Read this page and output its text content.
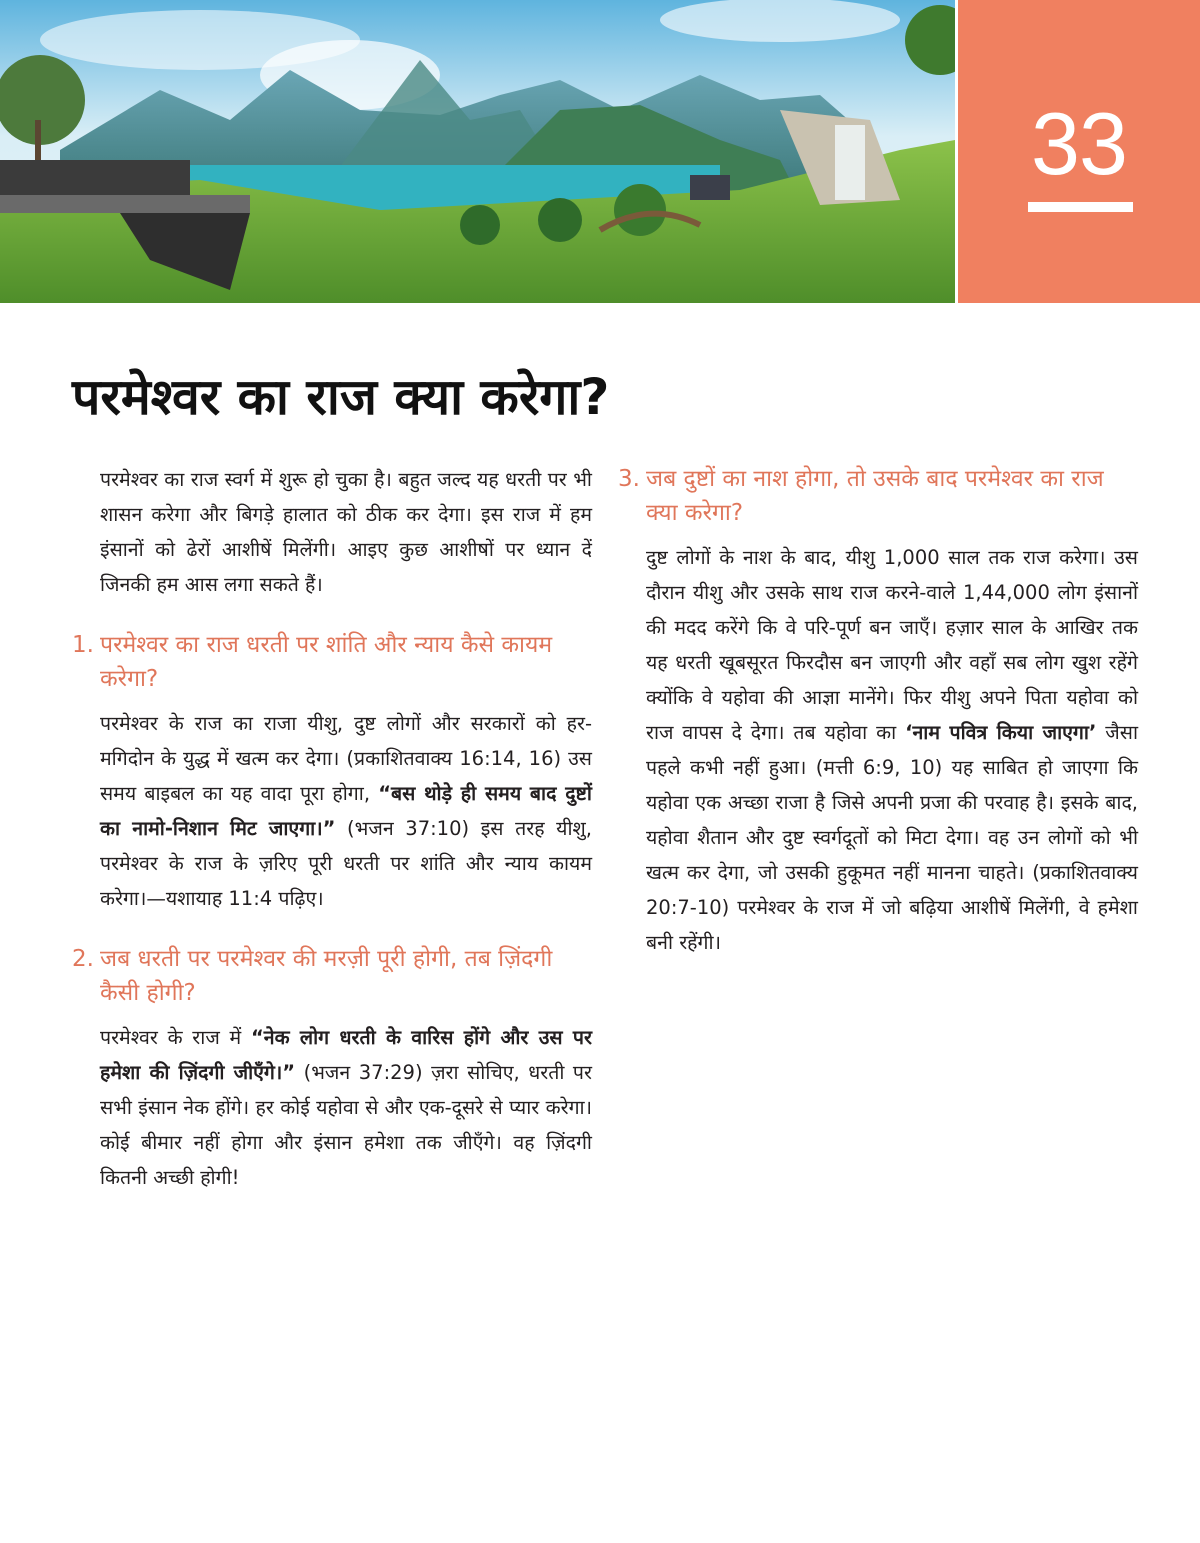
33
परमेश्वर का राज क्या करेगा?

परमेश्वर का राज स्वर्ग में शुरू हो चुका है। बहुत जल्द यह धरती पर भी शासन करेगा और बिगड़े हालात को ठीक कर देगा। इस राज में हम इंसानों को ढेरों आशीषें मिलेंगी। आइए कुछ आशीषों पर ध्यान दें जिनकी हम आस लगा सकते हैं।

1. परमेश्वर का राज धरती पर शांति और न्याय कैसे कायम करेगा?

परमेश्वर के राज का राजा यीशु, दुष्ट लोगों और सरकारों को हर-मगिदोन के युद्ध में खत्म कर देगा। (प्रकाशितवाक्य 16:14, 16) उस समय बाइबल का यह वादा पूरा होगा, “बस थोड़े ही समय बाद दुष्टों का नामो-निशान मिट जाएगा।” (भजन 37:10) इस तरह यीशु, परमेश्वर के राज के ज़रिए पूरी धरती पर शांति और न्याय कायम करेगा।—यशायाह 11:4 पढ़िए।

2. जब धरती पर परमेश्वर की मरज़ी पूरी होगी, तब ज़िंदगी कैसी होगी?

परमेश्वर के राज में “नेक लोग धरती के वारिस होंगे और उस पर हमेशा की ज़िंदगी जीएँगे।” (भजन 37:29) ज़रा सोचिए, धरती पर सभी इंसान नेक होंगे। हर कोई यहोवा से और एक-दूसरे से प्यार करेगा। कोई बीमार नहीं होगा और इंसान हमेशा तक जीएँगे। वह ज़िंदगी कितनी अच्छी होगी!

3. जब दुष्टों का नाश होगा, तो उसके बाद परमेश्वर का राज क्या करेगा?

दुष्ट लोगों के नाश के बाद, यीशु 1,000 साल तक राज करेगा। उस दौरान यीशु और उसके साथ राज करने-वाले 1,44,000 लोग इंसानों की मदद करेंगे कि वे परि-पूर्ण बन जाएँ। हज़ार साल के आखिर तक यह धरती खूबसूरत फिरदौस बन जाएगी और वहाँ सब लोग खुश रहेंगे क्योंकि वे यहोवा की आज्ञा मानेंगे। फिर यीशु अपने पिता यहोवा को राज वापस दे देगा। तब यहोवा का ‘नाम पवित्र किया जाएगा’ जैसा पहले कभी नहीं हुआ। (मत्ती 6:9, 10) यह साबित हो जाएगा कि यहोवा एक अच्छा राजा है जिसे अपनी प्रजा की परवाह है। इसके बाद, यहोवा शैतान और दुष्ट स्वर्गदूतों को मिटा देगा। वह उन लोगों को भी खत्म कर देगा, जो उसकी हुकूमत नहीं मानना चाहते। (प्रकाशितवाक्य 20:7-10) परमेश्वर के राज में जो बढ़िया आशीषें मिलेंगी, वे हमेशा बनी रहेंगी।
